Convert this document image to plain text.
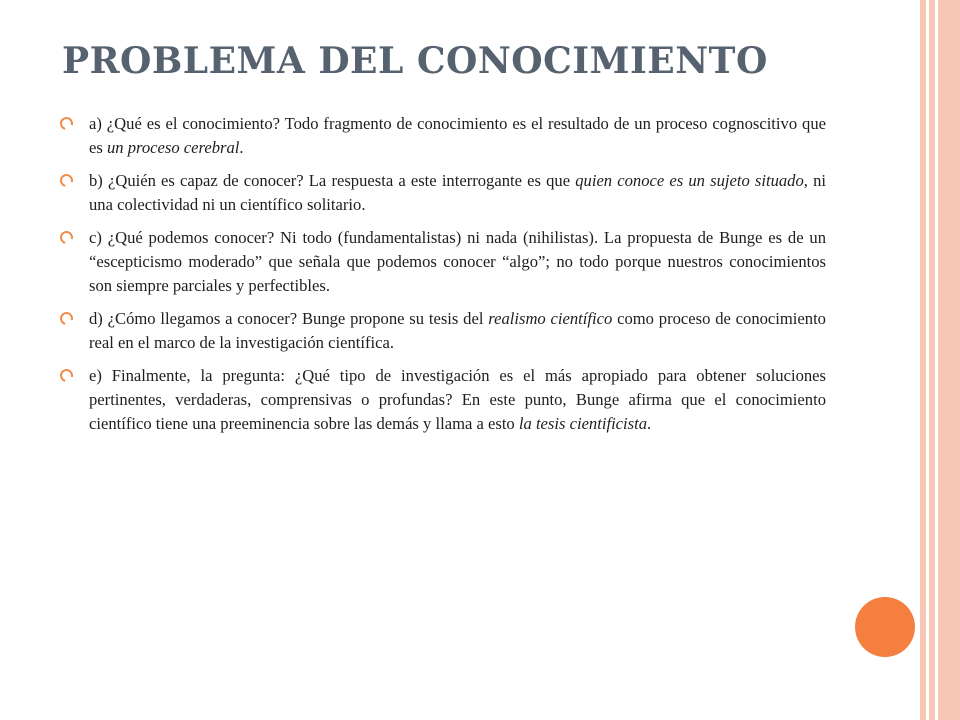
PROBLEMA DEL CONOCIMIENTO
a) ¿Qué es el conocimiento? Todo fragmento de conocimiento es el resultado de un proceso cognoscitivo que es un proceso cerebral.
b) ¿Quién es capaz de conocer? La respuesta a este interrogante es que quien conoce es un sujeto situado, ni una colectividad ni un científico solitario.
c) ¿Qué podemos conocer? Ni todo (fundamentalistas) ni nada (nihilistas). La propuesta de Bunge es de un “escepticismo moderado” que señala que podemos conocer “algo”; no todo porque nuestros conocimientos son siempre parciales y perfectibles.
d) ¿Cómo llegamos a conocer? Bunge propone su tesis del realismo científico como proceso de conocimiento real en el marco de la investigación científica.
e) Finalmente, la pregunta: ¿Qué tipo de investigación es el más apropiado para obtener soluciones pertinentes, verdaderas, comprensivas o profundas? En este punto, Bunge afirma que el conocimiento científico tiene una preeminencia sobre las demás y llama a esto la tesis cientificista.
